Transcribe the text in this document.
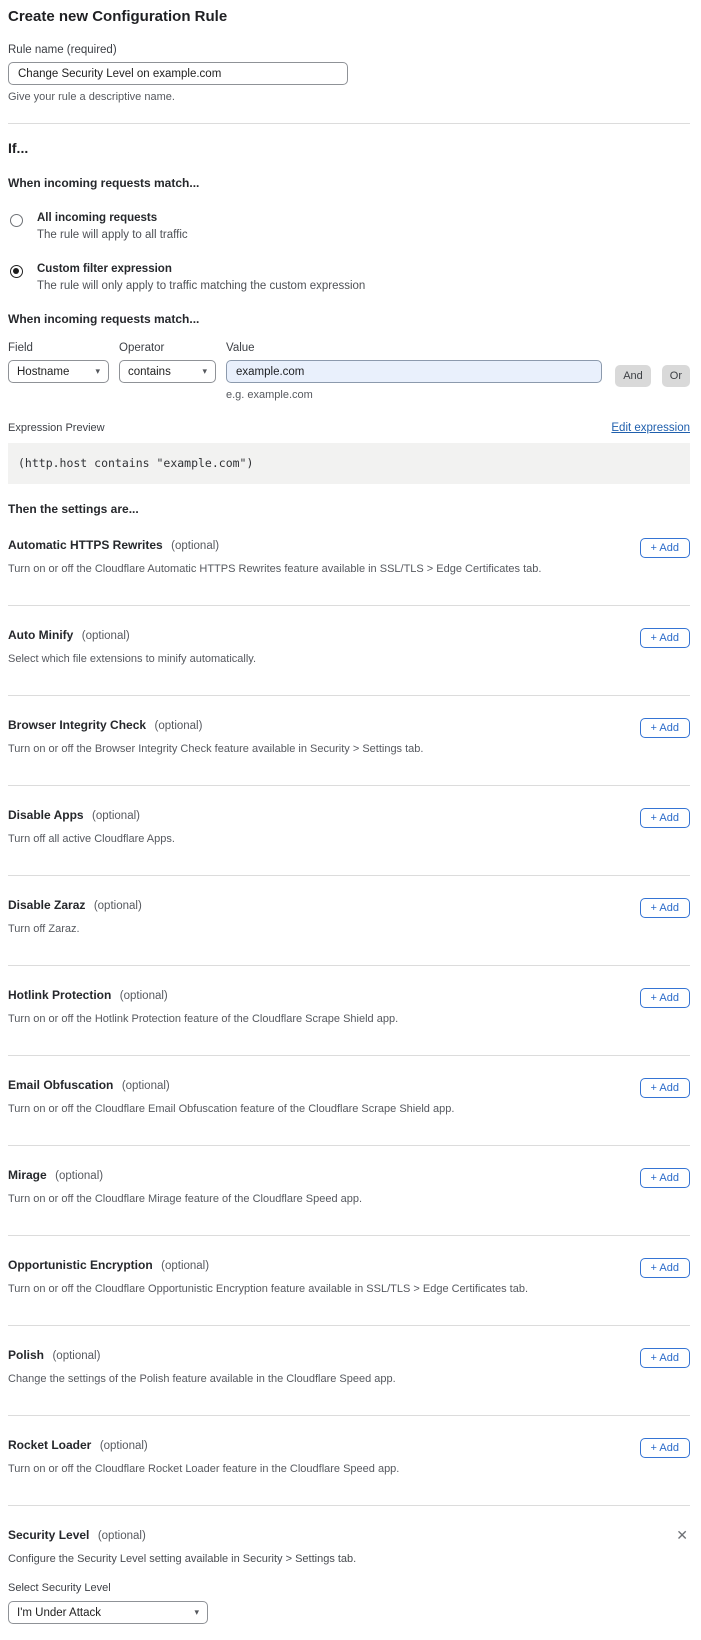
Create new Configuration Rule
Rule name (required)
Change Security Level on example.com
Give your rule a descriptive name.
If...
When incoming requests match...
All incoming requests
The rule will apply to all traffic
Custom filter expression
The rule will only apply to traffic matching the custom expression
When incoming requests match...
Field
Hostname	▾
Operator
contains	▾
Value
example.com
e.g. example.com
And	Or
Expression Preview	Edit expression
(http.host contains "example.com")
Then the settings are...
Automatic HTTPS Rewrites (optional)
Turn on or off the Cloudflare Automatic HTTPS Rewrites feature available in SSL/TLS > Edge Certificates tab.
+ Add
Auto Minify (optional)
Select which file extensions to minify automatically.
+ Add
Browser Integrity Check (optional)
Turn on or off the Browser Integrity Check feature available in Security > Settings tab.
+ Add
Disable Apps (optional)
Turn off all active Cloudflare Apps.
+ Add
Disable Zaraz (optional)
Turn off Zaraz.
+ Add
Hotlink Protection (optional)
Turn on or off the Hotlink Protection feature of the Cloudflare Scrape Shield app.
+ Add
Email Obfuscation (optional)
Turn on or off the Cloudflare Email Obfuscation feature of the Cloudflare Scrape Shield app.
+ Add
Mirage (optional)
Turn on or off the Cloudflare Mirage feature of the Cloudflare Speed app.
+ Add
Opportunistic Encryption (optional)
Turn on or off the Cloudflare Opportunistic Encryption feature available in SSL/TLS > Edge Certificates tab.
+ Add
Polish (optional)
Change the settings of the Polish feature available in the Cloudflare Speed app.
+ Add
Rocket Loader (optional)
Turn on or off the Cloudflare Rocket Loader feature in the Cloudflare Speed app.
+ Add
Security Level (optional)	✕
Configure the Security Level setting available in Security > Settings tab.
Select Security Level
I'm Under Attack	▾
